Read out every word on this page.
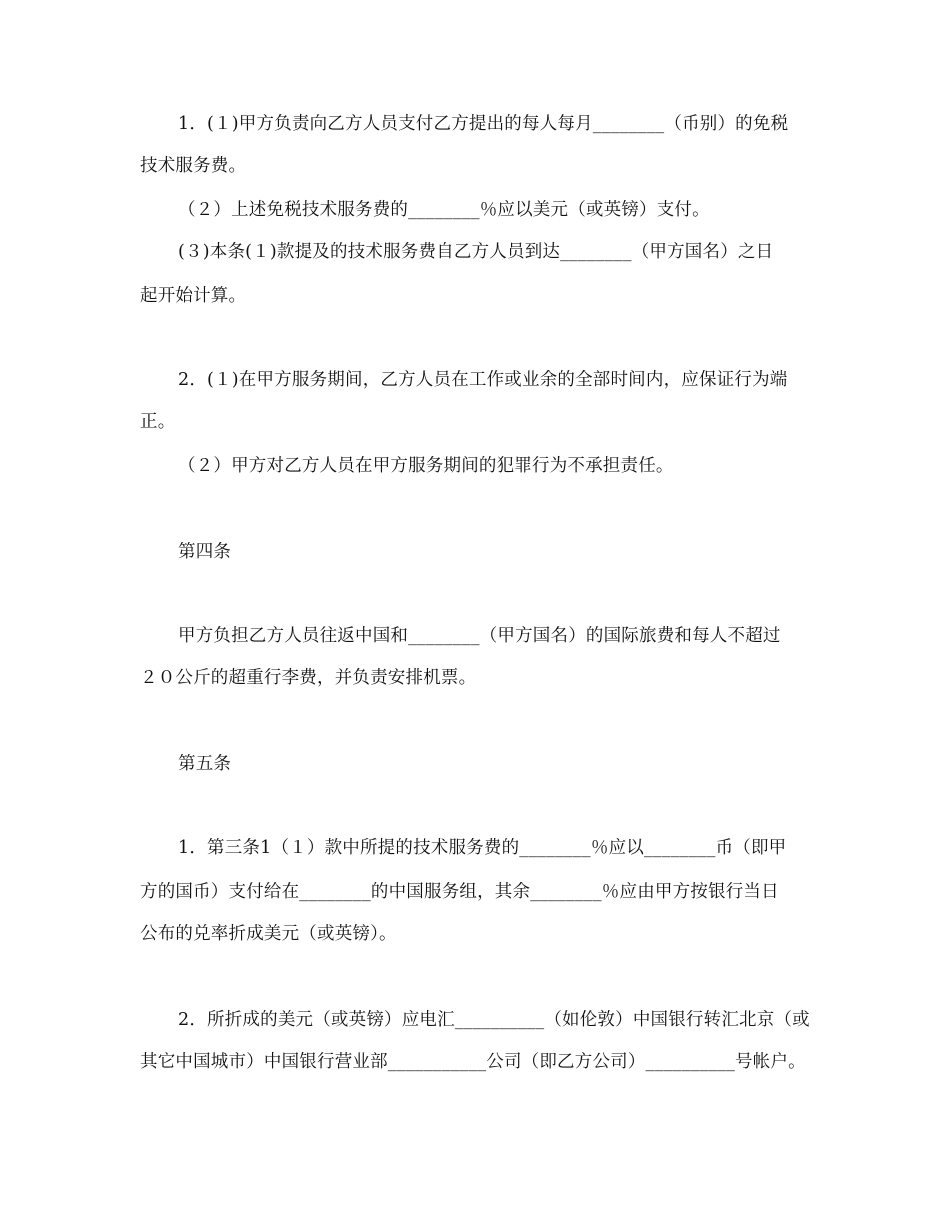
1．(１)甲方负责向乙方人员支付乙方提出的每人每月________（币别）的免税
技术服务费。
（２）上述免税技术服务费的________％应以美元（或英镑）支付。
(３)本条(１)款提及的技术服务费自乙方人员到达________（甲方国名）之日
起开始计算。
2．(１)在甲方服务期间，乙方人员在工作或业余的全部时间内，应保证行为端
正。
（２）甲方对乙方人员在甲方服务期间的犯罪行为不承担责任。
第四条
甲方负担乙方人员往返中国和________（甲方国名）的国际旅费和每人不超过
２０公斤的超重行李费，并负责安排机票。
第五条
1．第三条1（１）款中所提的技术服务费的________％应以________币（即甲
方的国币）支付给在________的中国服务组，其余________％应由甲方按银行当日
公布的兑率折成美元（或英镑）。
2．所折成的美元（或英镑）应电汇__________（如伦敦）中国银行转汇北京（或
其它中国城市）中国银行营业部___________公司（即乙方公司）__________号帐户。
